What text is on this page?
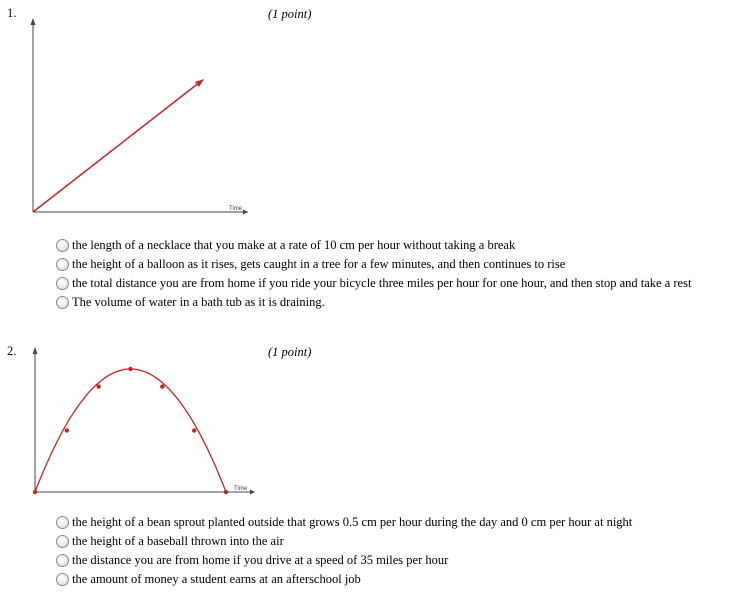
1.	(1 point)
Time
the length of a necklace that you make at a rate of 10 cm per hour without taking a break
the height of a balloon as it rises, gets caught in a tree for a few minutes, and then continues to rise
the total distance you are from home if you ride your bicycle three miles per hour for one hour, and then stop and take a rest
The volume of water in a bath tub as it is draining.
2.	(1 point)
Time
the height of a bean sprout planted outside that grows 0.5 cm per hour during the day and 0 cm per hour at night
the height of a baseball thrown into the air
the distance you are from home if you drive at a speed of 35 miles per hour
the amount of money a student earns at an afterschool job
